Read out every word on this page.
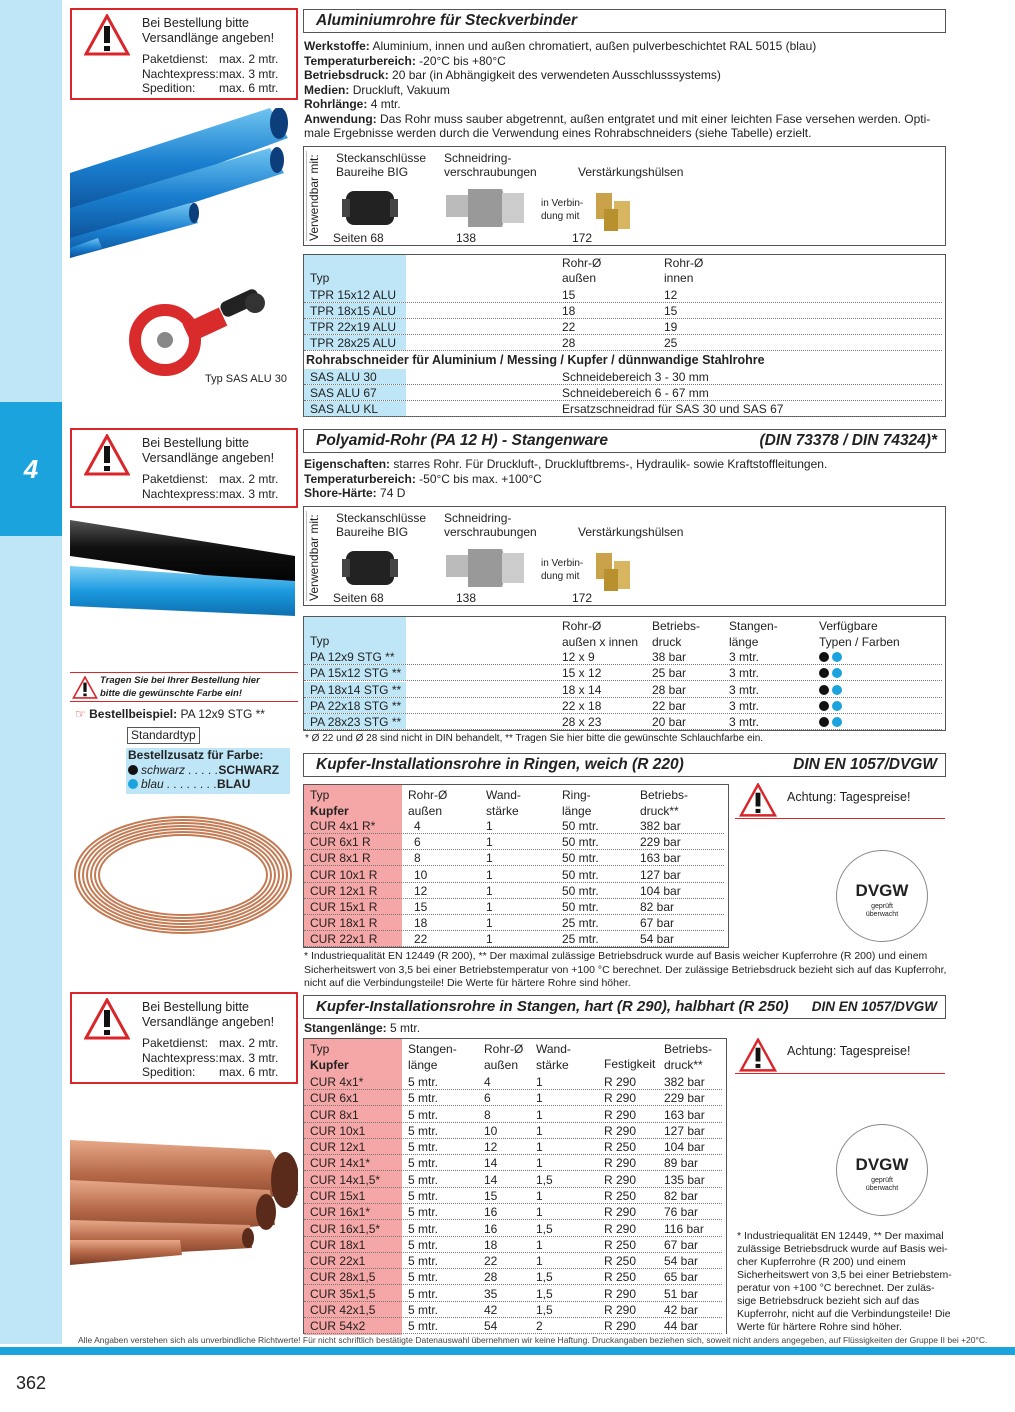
4
Bei Bestellung bitte
Versandlänge angeben!
Paketdienst: max. 2 mtr.
Nachtexpress:max. 3 mtr.
Spedition: max. 6 mtr.
Bei Bestellung bitte
Versandlänge angeben!
Paketdienst: max. 2 mtr.
Nachtexpress:max. 3 mtr.
Bei Bestellung bitte
Versandlänge angeben!
Paketdienst: max. 2 mtr.
Nachtexpress:max. 3 mtr.
Spedition: max. 6 mtr.
Typ SAS ALU 30
Aluminiumrohre für Steckverbinder
Werkstoffe: Aluminium, innen und außen chromatiert, außen pulverbeschichtet RAL 5015 (blau)
Temperaturbereich: -20°C bis +80°C
Betriebsdruck: 20 bar (in Abhängigkeit des verwendeten Ausschlusssystems)
Medien: Druckluft, Vakuum
Rohrlänge: 4 mtr.
Anwendung: Das Rohr muss sauber abgetrennt, außen entgratet und mit einer leichten Fase versehen werden. Opti-
male Ergebnisse werden durch die Verwendung eines Rohrabschneiders (siehe Tabelle) erzielt.
Verwendbar mit: Steckanschlüsse
Baureihe BIG
Schneidring-
verschraubungen	Verstärkungshülsen
in Verbin-
dung mit
Seiten 68	138	172
Typ
Rohr-Ø
außen
Rohr-Ø
innen
TPR 15x12 ALU	15	12
TPR 18x15 ALU	18	15
TPR 22x19 ALU	22	19
TPR 28x25 ALU	28	25
Rohrabschneider für Aluminium / Messing / Kupfer / dünnwandige Stahlrohre
SAS ALU 30	Schneidebereich 3 - 30 mm
SAS ALU 67	Schneidebereich 6 - 67 mm
SAS ALU KL	Ersatzschneidrad für SAS 30 und SAS 67
Polyamid-Rohr (PA 12 H) - Stangenware	(DIN 73378 / DIN 74324)*
Eigenschaften: starres Rohr. Für Druckluft-, Druckluftbrems-, Hydraulik- sowie Kraftstoffleitungen.
Temperaturbereich: -50°C bis max. +100°C
Shore-Härte: 74 D
Verwendbar mit: Steckanschlüsse
Baureihe BIG
Schneidring-
verschraubungen	Verstärkungshülsen
in Verbin-
dung mit
Seiten 68	138	172
Typ
Rohr-Ø
außen x innen
Betriebs-
druck
Stangen-
länge
Verfügbare
Typen / Farben
PA 12x9 STG **	12 x 9	38 bar	3 mtr.
PA 15x12 STG **	15 x 12	25 bar	3 mtr.
PA 18x14 STG **	18 x 14	28 bar	3 mtr.
PA 22x18 STG **	22 x 18	22 bar	3 mtr.
PA 28x23 STG **	28 x 23	20 bar	3 mtr.
* Ø 22 und Ø 28 sind nicht in DIN behandelt, ** Tragen Sie hier bitte die gewünschte Schlauchfarbe ein.
Tragen Sie bei Ihrer Bestellung hier
bitte die gewünschte Farbe ein!
☞ Bestellbeispiel: PA 12x9 STG **
Standardtyp
Bestellzusatz für Farbe:
schwarz . . . . .SCHWARZ
blau . . . . . . . .BLAU
Kupfer-Installationsrohre in Ringen, weich (R 220)	DIN EN 1057/DVGW
Typ
Kupfer
Rohr-Ø
außen
Wand-
stärke
Ring-
länge
Betriebs-
druck**
CUR 4x1 R*	4	1	50 mtr.	382 bar
CUR 6x1 R	6	1	50 mtr.	229 bar
CUR 8x1 R	8	1	50 mtr.	163 bar
CUR 10x1 R	10	1	50 mtr.	127 bar
CUR 12x1 R	12	1	50 mtr.	104 bar
CUR 15x1 R	15	1	50 mtr.	82 bar
CUR 18x1 R	18	1	25 mtr.	67 bar
CUR 22x1 R	22	1	25 mtr.	54 bar
Achtung: Tagespreise!
DVGW
geprüft
überwacht
* Industriequalität EN 12449 (R 200), ** Der maximal zulässige Betriebsdruck wurde auf Basis weicher Kupferrohre (R 200) und einem
Sicherheitswert von 3,5 bei einer Betriebstemperatur von +100 °C berechnet. Der zulässige Betriebsdruck bezieht sich auf das Kupferrohr,
nicht auf die Verbindungsteile! Die Werte für härtere Rohre sind höher.
Kupfer-Installationsrohre in Stangen, hart (R 290), halbhart (R 250) DIN EN 1057/DVGW
Stangenlänge: 5 mtr.
Typ
Kupfer
Stangen-
länge
Rohr-Ø
außen
Wand-
stärke	Festigkeit
Betriebs-
druck**
CUR 4x1*	5 mtr.	4	1	R 290 382 bar
CUR 6x1	5 mtr.	6	1	R 290 229 bar
CUR 8x1	5 mtr.	8	1	R 290 163 bar
CUR 10x1	5 mtr.	10	1	R 290 127 bar
CUR 12x1	5 mtr.	12	1	R 250 104 bar
CUR 14x1*	5 mtr.	14	1	R 290 89 bar
CUR 14x1,5* 5 mtr.	14	1,5	R 290 135 bar
CUR 15x1	5 mtr.	15	1	R 250 82 bar
CUR 16x1*	5 mtr.	16	1	R 290 76 bar
CUR 16x1,5* 5 mtr.	16	1,5	R 290 116 bar
CUR 18x1	5 mtr.	18	1	R 250 67 bar
CUR 22x1	5 mtr.	22	1	R 250 54 bar
CUR 28x1,5	5 mtr.	28	1,5	R 250 65 bar
CUR 35x1,5	5 mtr.	35	1,5	R 290 51 bar
CUR 42x1,5	5 mtr.	42	1,5	R 290 42 bar
CUR 54x2	5 mtr.	54	2	R 290 44 bar
Achtung: Tagespreise!
DVGW
geprüft
überwacht
* Industriequalität EN 12449, ** Der maximal
zulässige Betriebsdruck wurde auf Basis wei-
cher Kupferrohre (R 200) und einem
Sicherheitswert von 3,5 bei einer Betriebstem-
peratur von +100 °C berechnet. Der zuläs-
sige Betriebsdruck bezieht sich auf das
Kupferrohr, nicht auf die Verbindungsteile! Die
Werte für härtere Rohre sind höher.
Alle Angaben verstehen sich als unverbindliche Richtwerte! Für nicht schriftlich bestätigte Datenauswahl übernehmen wir keine Haftung. Druckangaben beziehen sich, soweit nicht anders angegeben, auf Flüssigkeiten der Gruppe II bei +20°C.
362
